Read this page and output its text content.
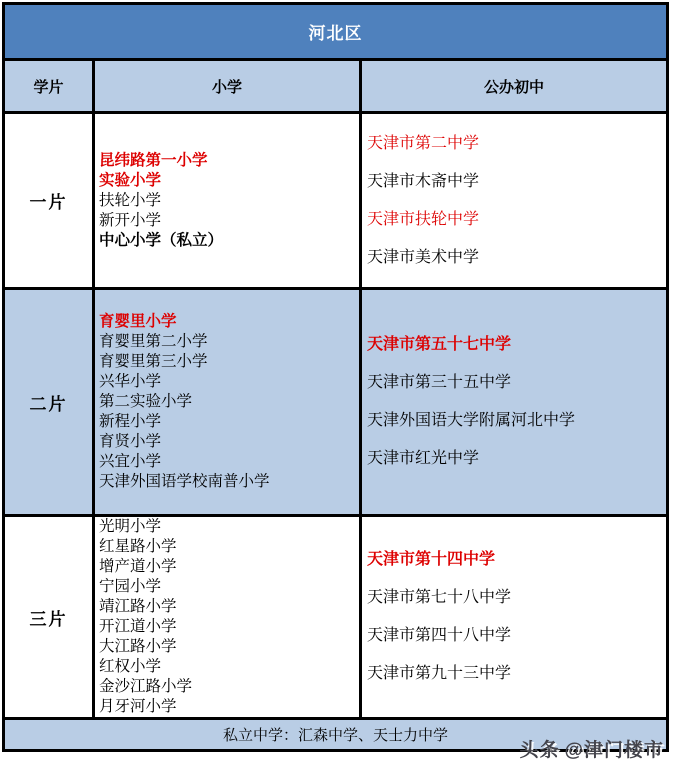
河北区
学片	小学	公办初中
一片
昆纬路第一小学
实验小学
扶轮小学
新开小学
中心小学（私立）
天津市第二中学
天津市木斋中学
天津市扶轮中学
天津市美术中学
二片
育婴里小学
育婴里第二小学
育婴里第三小学
兴华小学
第二实验小学
新程小学
育贤小学
兴宜小学
天津外国语学校南普小学
天津市第五十七中学
天津市第三十五中学
天津外国语大学附属河北中学
天津市红光中学
三片
光明小学
红星路小学
增产道小学
宁园小学
靖江路小学
开江道小学
大江路小学
红权小学
金沙江路小学
月牙河小学
天津市第十四中学
天津市第七十八中学
天津市第四十八中学
天津市第九十三中学
私立中学：汇森中学、天士力中学
头条 @津门楼市
